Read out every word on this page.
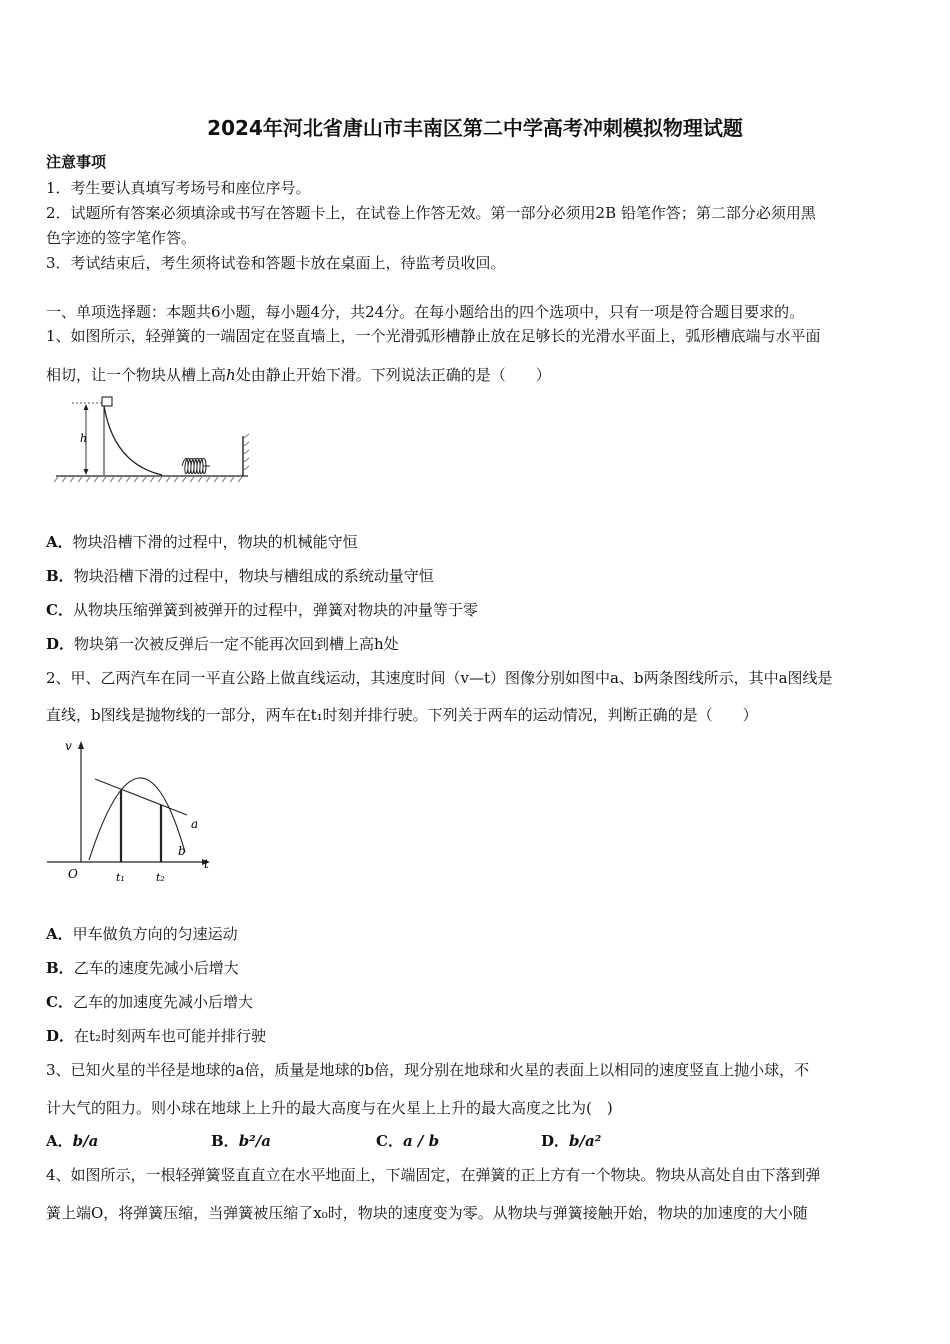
2024年河北省唐山市丰南区第二中学高考冲刺模拟物理试题
注意事项
1．考生要认真填写考场号和座位序号。
2．试题所有答案必须填涂或书写在答题卡上，在试卷上作答无效。第一部分必须用2B 铅笔作答；第二部分必须用黑
色字迹的签字笔作答。
3．考试结束后，考生须将试卷和答题卡放在桌面上，待监考员收回。
一、单项选择题：本题共6小题，每小题4分，共24分。在每小题给出的四个选项中，只有一项是符合题目要求的。
1、如图所示，轻弹簧的一端固定在竖直墙上，一个光滑弧形槽静止放在足够长的光滑水平面上，弧形槽底端与水平面
相切，让一个物块从槽上高h处由静止开始下滑。下列说法正确的是（　　）
h
A．物块沿槽下滑的过程中，物块的机械能守恒
B．物块沿槽下滑的过程中，物块与槽组成的系统动量守恒
C．从物块压缩弹簧到被弹开的过程中，弹簧对物块的冲量等于零
D．物块第一次被反弹后一定不能再次回到槽上高h处
2、甲、乙两汽车在同一平直公路上做直线运动，其速度时间（v—t）图像分别如图中a、b两条图线所示，其中a图线是
直线，b图线是抛物线的一部分，两车在t₁时刻并排行驶。下列关于两车的运动情况，判断正确的是（　　）
v
t
O
a
b
t₁	t₂
A．甲车做负方向的匀速运动
B．乙车的速度先减小后增大
C．乙车的加速度先减小后增大
D．在t₂时刻两车也可能并排行驶
3、已知火星的半径是地球的a倍，质量是地球的b倍，现分别在地球和火星的表面上以相同的速度竖直上抛小球，不
计大气的阻力。则小球在地球上上升的最大高度与在火星上上升的最大高度之比为(　)
A．b/a	B．b²/a	C．a / b	D．b/a²
4、如图所示，一根轻弹簧竖直直立在水平地面上，下端固定，在弹簧的正上方有一个物块。物块从高处自由下落到弹
簧上端O，将弹簧压缩，当弹簧被压缩了x₀时，物块的速度变为零。从物块与弹簧接触开始，物块的加速度的大小随
